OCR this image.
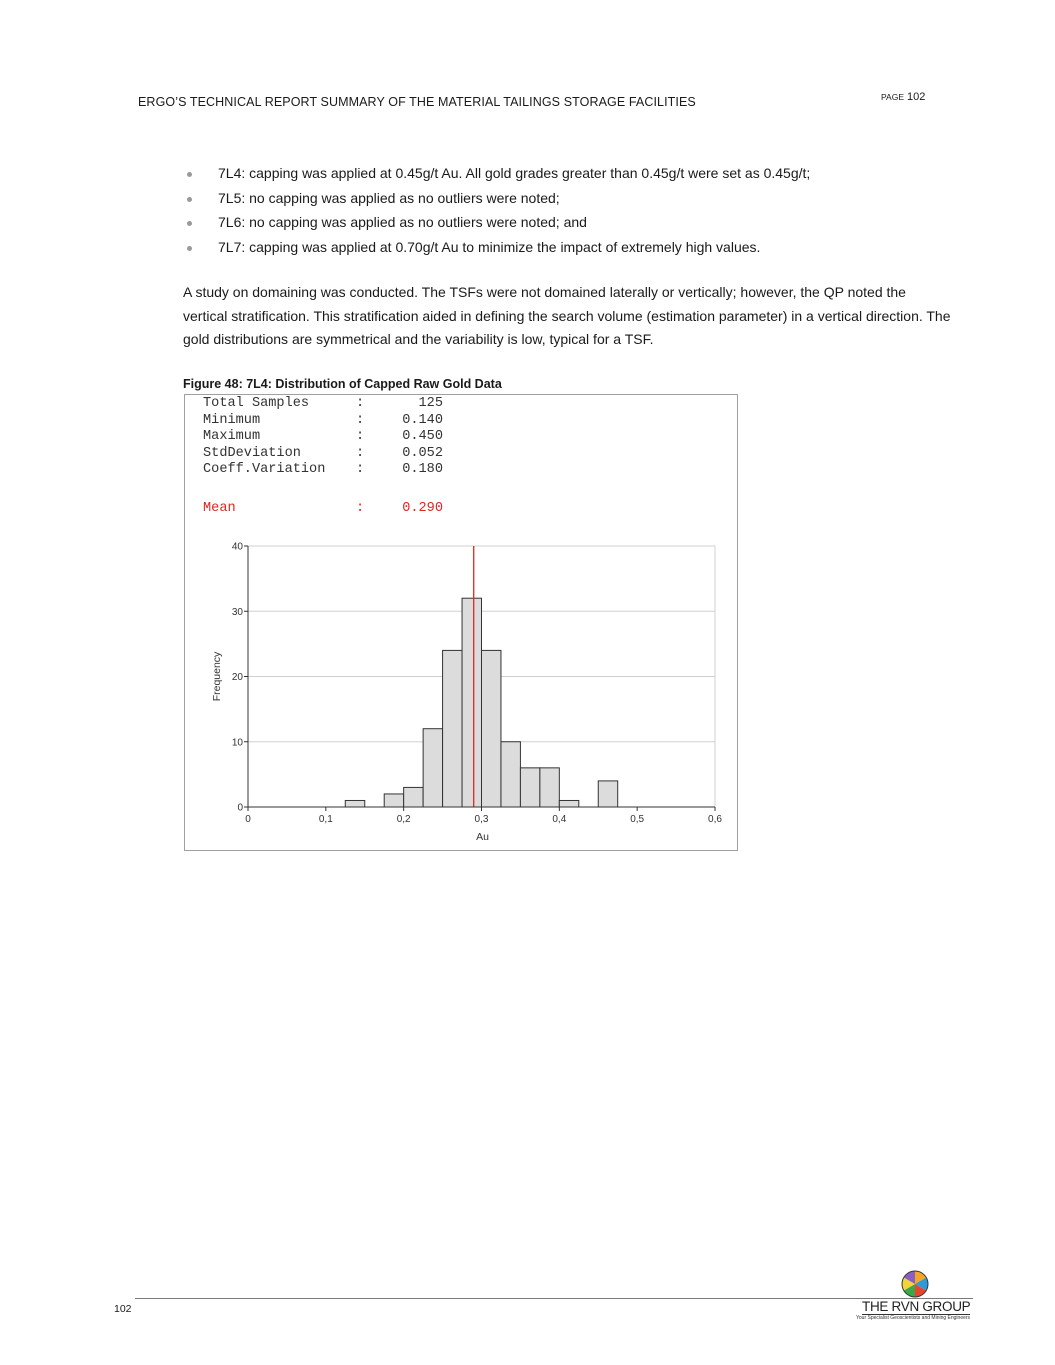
ERGO’S TECHNICAL REPORT SUMMARY OF THE MATERIAL TAILINGS STORAGE FACILITIES	PAGE 102
7L4: capping was applied at 0.45g/t Au. All gold grades greater than 0.45g/t were set as 0.45g/t;
7L5: no capping was applied as no outliers were noted;
7L6: no capping was applied as no outliers were noted; and
7L7: capping was applied at 0.70g/t Au to minimize the impact of extremely high values.

A study on domaining was conducted. The TSFs were not domained laterally or vertically; however, the QP noted the vertical stratification. This stratification aided in defining the search volume (estimation parameter) in a vertical direction. The gold distributions are symmetrical and the variability is low, typical for a TSF.

Figure 48: 7L4: Distribution of Capped Raw Gold Data
Total Samples	:	125
Minimum	:	0.140
Maximum	:	0.450
StdDeviation	:	0.052
Coeff.Variation	:	0.180
Mean	:	0.290
0
10
20
30
40
0	0,1	0,2	0,3	0,4	0,5	0,6
Au
Frequency
102	THE RVN GROUP
Your Specialist Geoscientists and Mining Engineers
